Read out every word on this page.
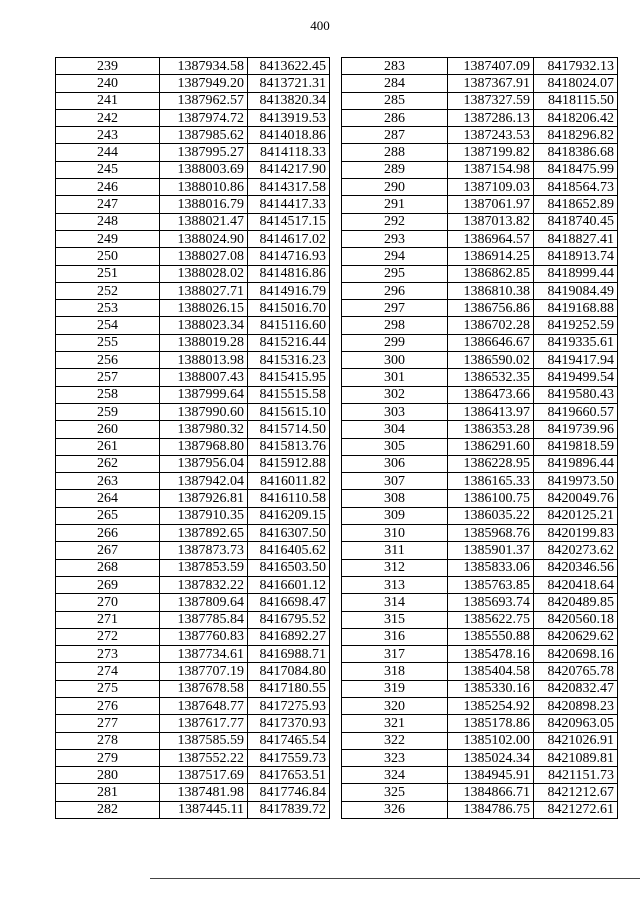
400
239	1387934.58	8413622.45
240	1387949.20	8413721.31
241	1387962.57	8413820.34
242	1387974.72	8413919.53
243	1387985.62	8414018.86
244	1387995.27	8414118.33
245	1388003.69	8414217.90
246	1388010.86	8414317.58
247	1388016.79	8414417.33
248	1388021.47	8414517.15
249	1388024.90	8414617.02
250	1388027.08	8414716.93
251	1388028.02	8414816.86
252	1388027.71	8414916.79
253	1388026.15	8415016.70
254	1388023.34	8415116.60
255	1388019.28	8415216.44
256	1388013.98	8415316.23
257	1388007.43	8415415.95
258	1387999.64	8415515.58
259	1387990.60	8415615.10
260	1387980.32	8415714.50
261	1387968.80	8415813.76
262	1387956.04	8415912.88
263	1387942.04	8416011.82
264	1387926.81	8416110.58
265	1387910.35	8416209.15
266	1387892.65	8416307.50
267	1387873.73	8416405.62
268	1387853.59	8416503.50
269	1387832.22	8416601.12
270	1387809.64	8416698.47
271	1387785.84	8416795.52
272	1387760.83	8416892.27
273	1387734.61	8416988.71
274	1387707.19	8417084.80
275	1387678.58	8417180.55
276	1387648.77	8417275.93
277	1387617.77	8417370.93
278	1387585.59	8417465.54
279	1387552.22	8417559.73
280	1387517.69	8417653.51
281	1387481.98	8417746.84
282	1387445.11	8417839.72
283	1387407.09	8417932.13
284	1387367.91	8418024.07
285	1387327.59	8418115.50
286	1387286.13	8418206.42
287	1387243.53	8418296.82
288	1387199.82	8418386.68
289	1387154.98	8418475.99
290	1387109.03	8418564.73
291	1387061.97	8418652.89
292	1387013.82	8418740.45
293	1386964.57	8418827.41
294	1386914.25	8418913.74
295	1386862.85	8418999.44
296	1386810.38	8419084.49
297	1386756.86	8419168.88
298	1386702.28	8419252.59
299	1386646.67	8419335.61
300	1386590.02	8419417.94
301	1386532.35	8419499.54
302	1386473.66	8419580.43
303	1386413.97	8419660.57
304	1386353.28	8419739.96
305	1386291.60	8419818.59
306	1386228.95	8419896.44
307	1386165.33	8419973.50
308	1386100.75	8420049.76
309	1386035.22	8420125.21
310	1385968.76	8420199.83
311	1385901.37	8420273.62
312	1385833.06	8420346.56
313	1385763.85	8420418.64
314	1385693.74	8420489.85
315	1385622.75	8420560.18
316	1385550.88	8420629.62
317	1385478.16	8420698.16
318	1385404.58	8420765.78
319	1385330.16	8420832.47
320	1385254.92	8420898.23
321	1385178.86	8420963.05
322	1385102.00	8421026.91
323	1385024.34	8421089.81
324	1384945.91	8421151.73
325	1384866.71	8421212.67
326	1384786.75	8421272.61
